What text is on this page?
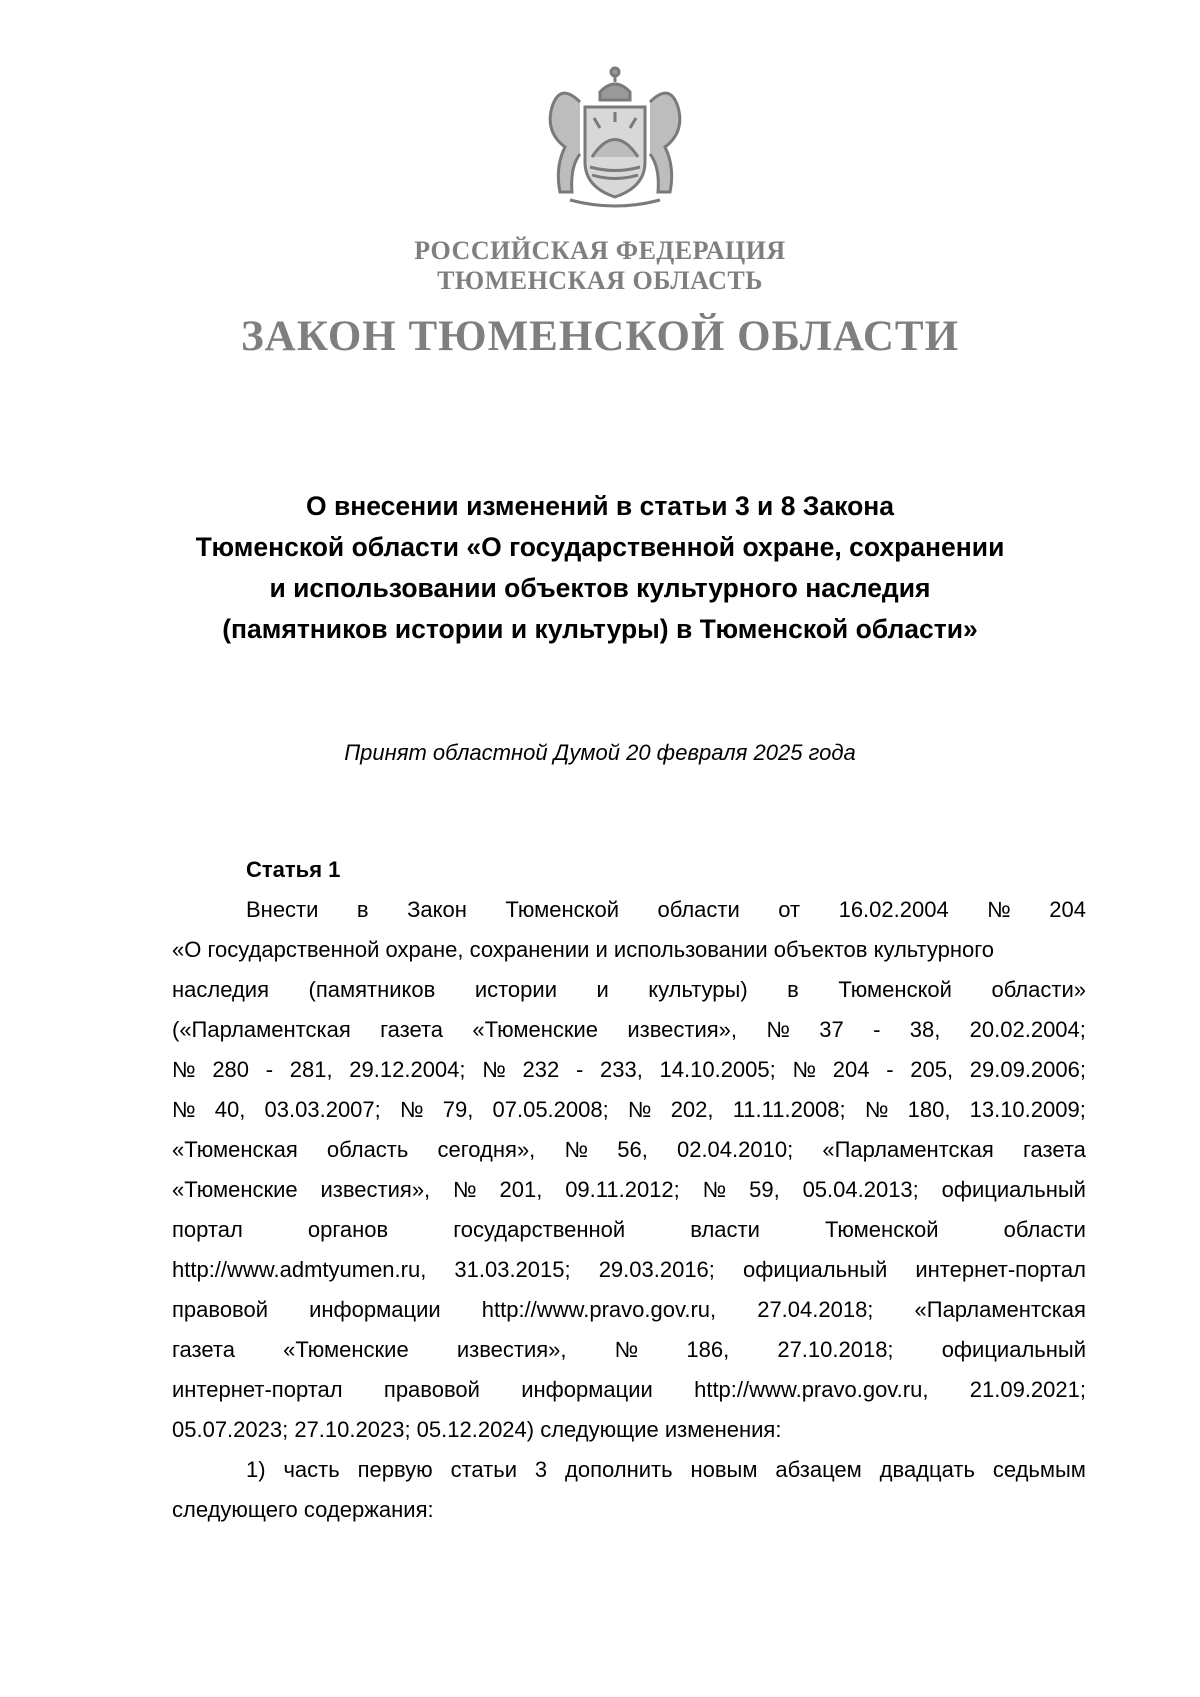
РОССИЙСКАЯ ФЕДЕРАЦИЯ
ТЮМЕНСКАЯ ОБЛАСТЬ
ЗАКОН ТЮМЕНСКОЙ ОБЛАСТИ
О внесении изменений в статьи 3 и 8 Закона
Тюменской области «О государственной охране, сохранении
и использовании объектов культурного наследия
(памятников истории и культуры) в Тюменской области»
Принят областной Думой 20 февраля 2025 года
Статья 1
Внести в Закон Тюменской области от 16.02.2004 № 204
«О государственной охране, сохранении и использовании объектов культурного
наследия (памятников истории и культуры) в Тюменской области»
(«Парламентская газета «Тюменские известия», № 37 - 38, 20.02.2004;
№ 280 - 281, 29.12.2004; № 232 - 233, 14.10.2005; № 204 - 205, 29.09.2006;
№ 40, 03.03.2007; № 79, 07.05.2008; № 202, 11.11.2008; № 180, 13.10.2009;
«Тюменская область сегодня», № 56, 02.04.2010; «Парламентская газета
«Тюменские известия», № 201, 09.11.2012; № 59, 05.04.2013; официальный
портал	органов	государственной	власти	Тюменской	области
http://www.admtyumen.ru, 31.03.2015; 29.03.2016; официальный интернет-портал
правовой информации http://www.pravo.gov.ru, 27.04.2018; «Парламентская
газета «Тюменские известия», № 186, 27.10.2018; официальный
интернет-портал правовой информации http://www.pravo.gov.ru, 21.09.2021;
05.07.2023; 27.10.2023; 05.12.2024) следующие изменения:
1) часть первую статьи 3 дополнить новым абзацем двадцать седьмым
следующего содержания:
